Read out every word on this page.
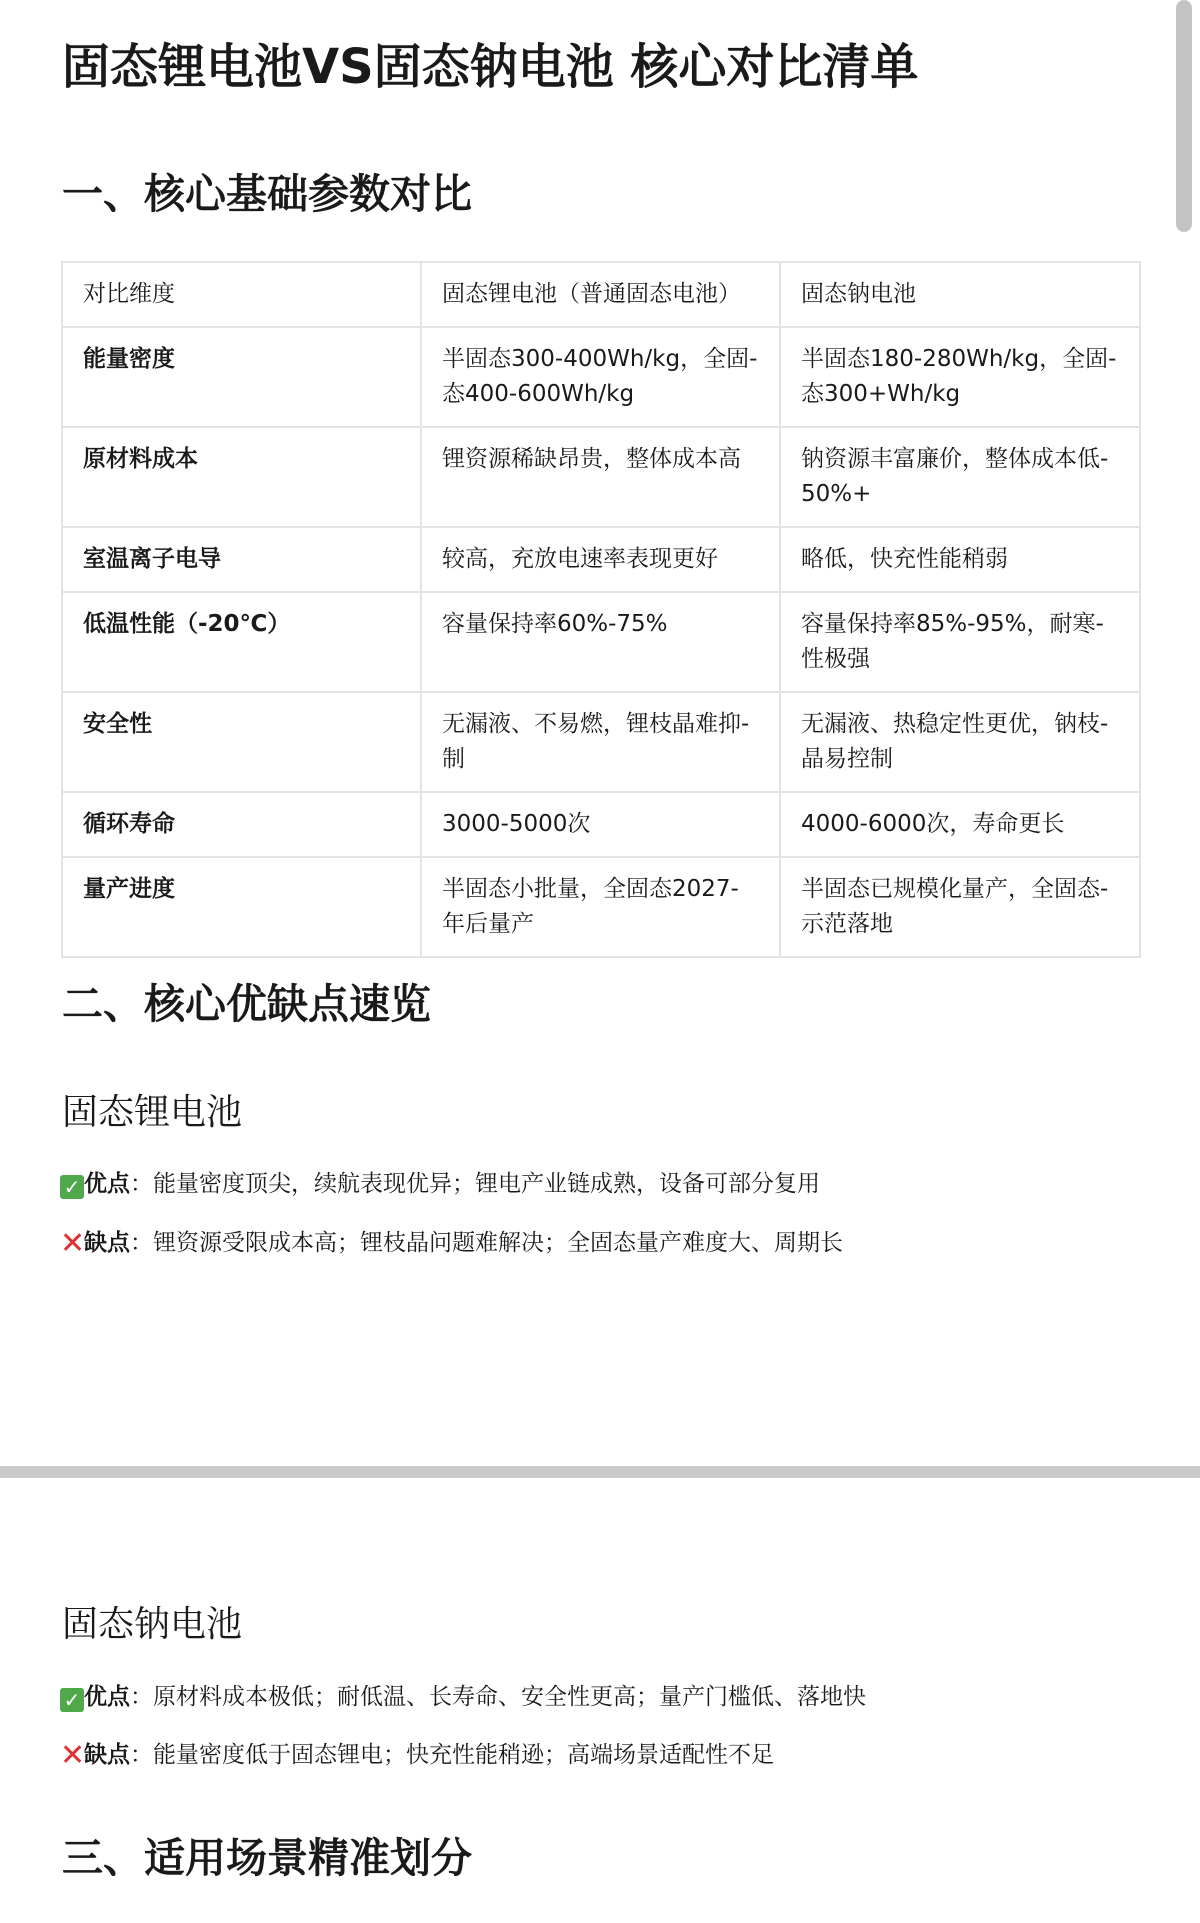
固态锂电池VS固态钠电池 核心对比清单
一、核心基础参数对比
对比维度	固态锂电池（普通固态电池）	固态钠电池
能量密度	半固态300-400Wh/kg，全固-态400-600Wh/kg	半固态180-280Wh/kg，全固-态300+Wh/kg
原材料成本	锂资源稀缺昂贵，整体成本高	钠资源丰富廉价，整体成本低-50%+
室温离子电导	较高，充放电速率表现更好	略低，快充性能稍弱
低温性能（-20℃）	容量保持率60%-75%	容量保持率85%-95%，耐寒-性极强
安全性	无漏液、不易燃，锂枝晶难抑-制	无漏液、热稳定性更优，钠枝-晶易控制
循环寿命	3000-5000次	4000-6000次，寿命更长
量产进度	半固态小批量，全固态2027-年后量产	半固态已规模化量产，全固态-示范落地
二、核心优缺点速览
固态锂电池

✓ 优点：能量密度顶尖，续航表现优异；锂电产业链成熟，设备可部分复用

✕缺点：锂资源受限成本高；锂枝晶问题难解决；全固态量产难度大、周期长

固态钠电池

✓ 优点：原材料成本极低；耐低温、长寿命、安全性更高；量产门槛低、落地快

✕缺点：能量密度低于固态锂电；快充性能稍逊；高端场景适配性不足

三、适用场景精准划分
